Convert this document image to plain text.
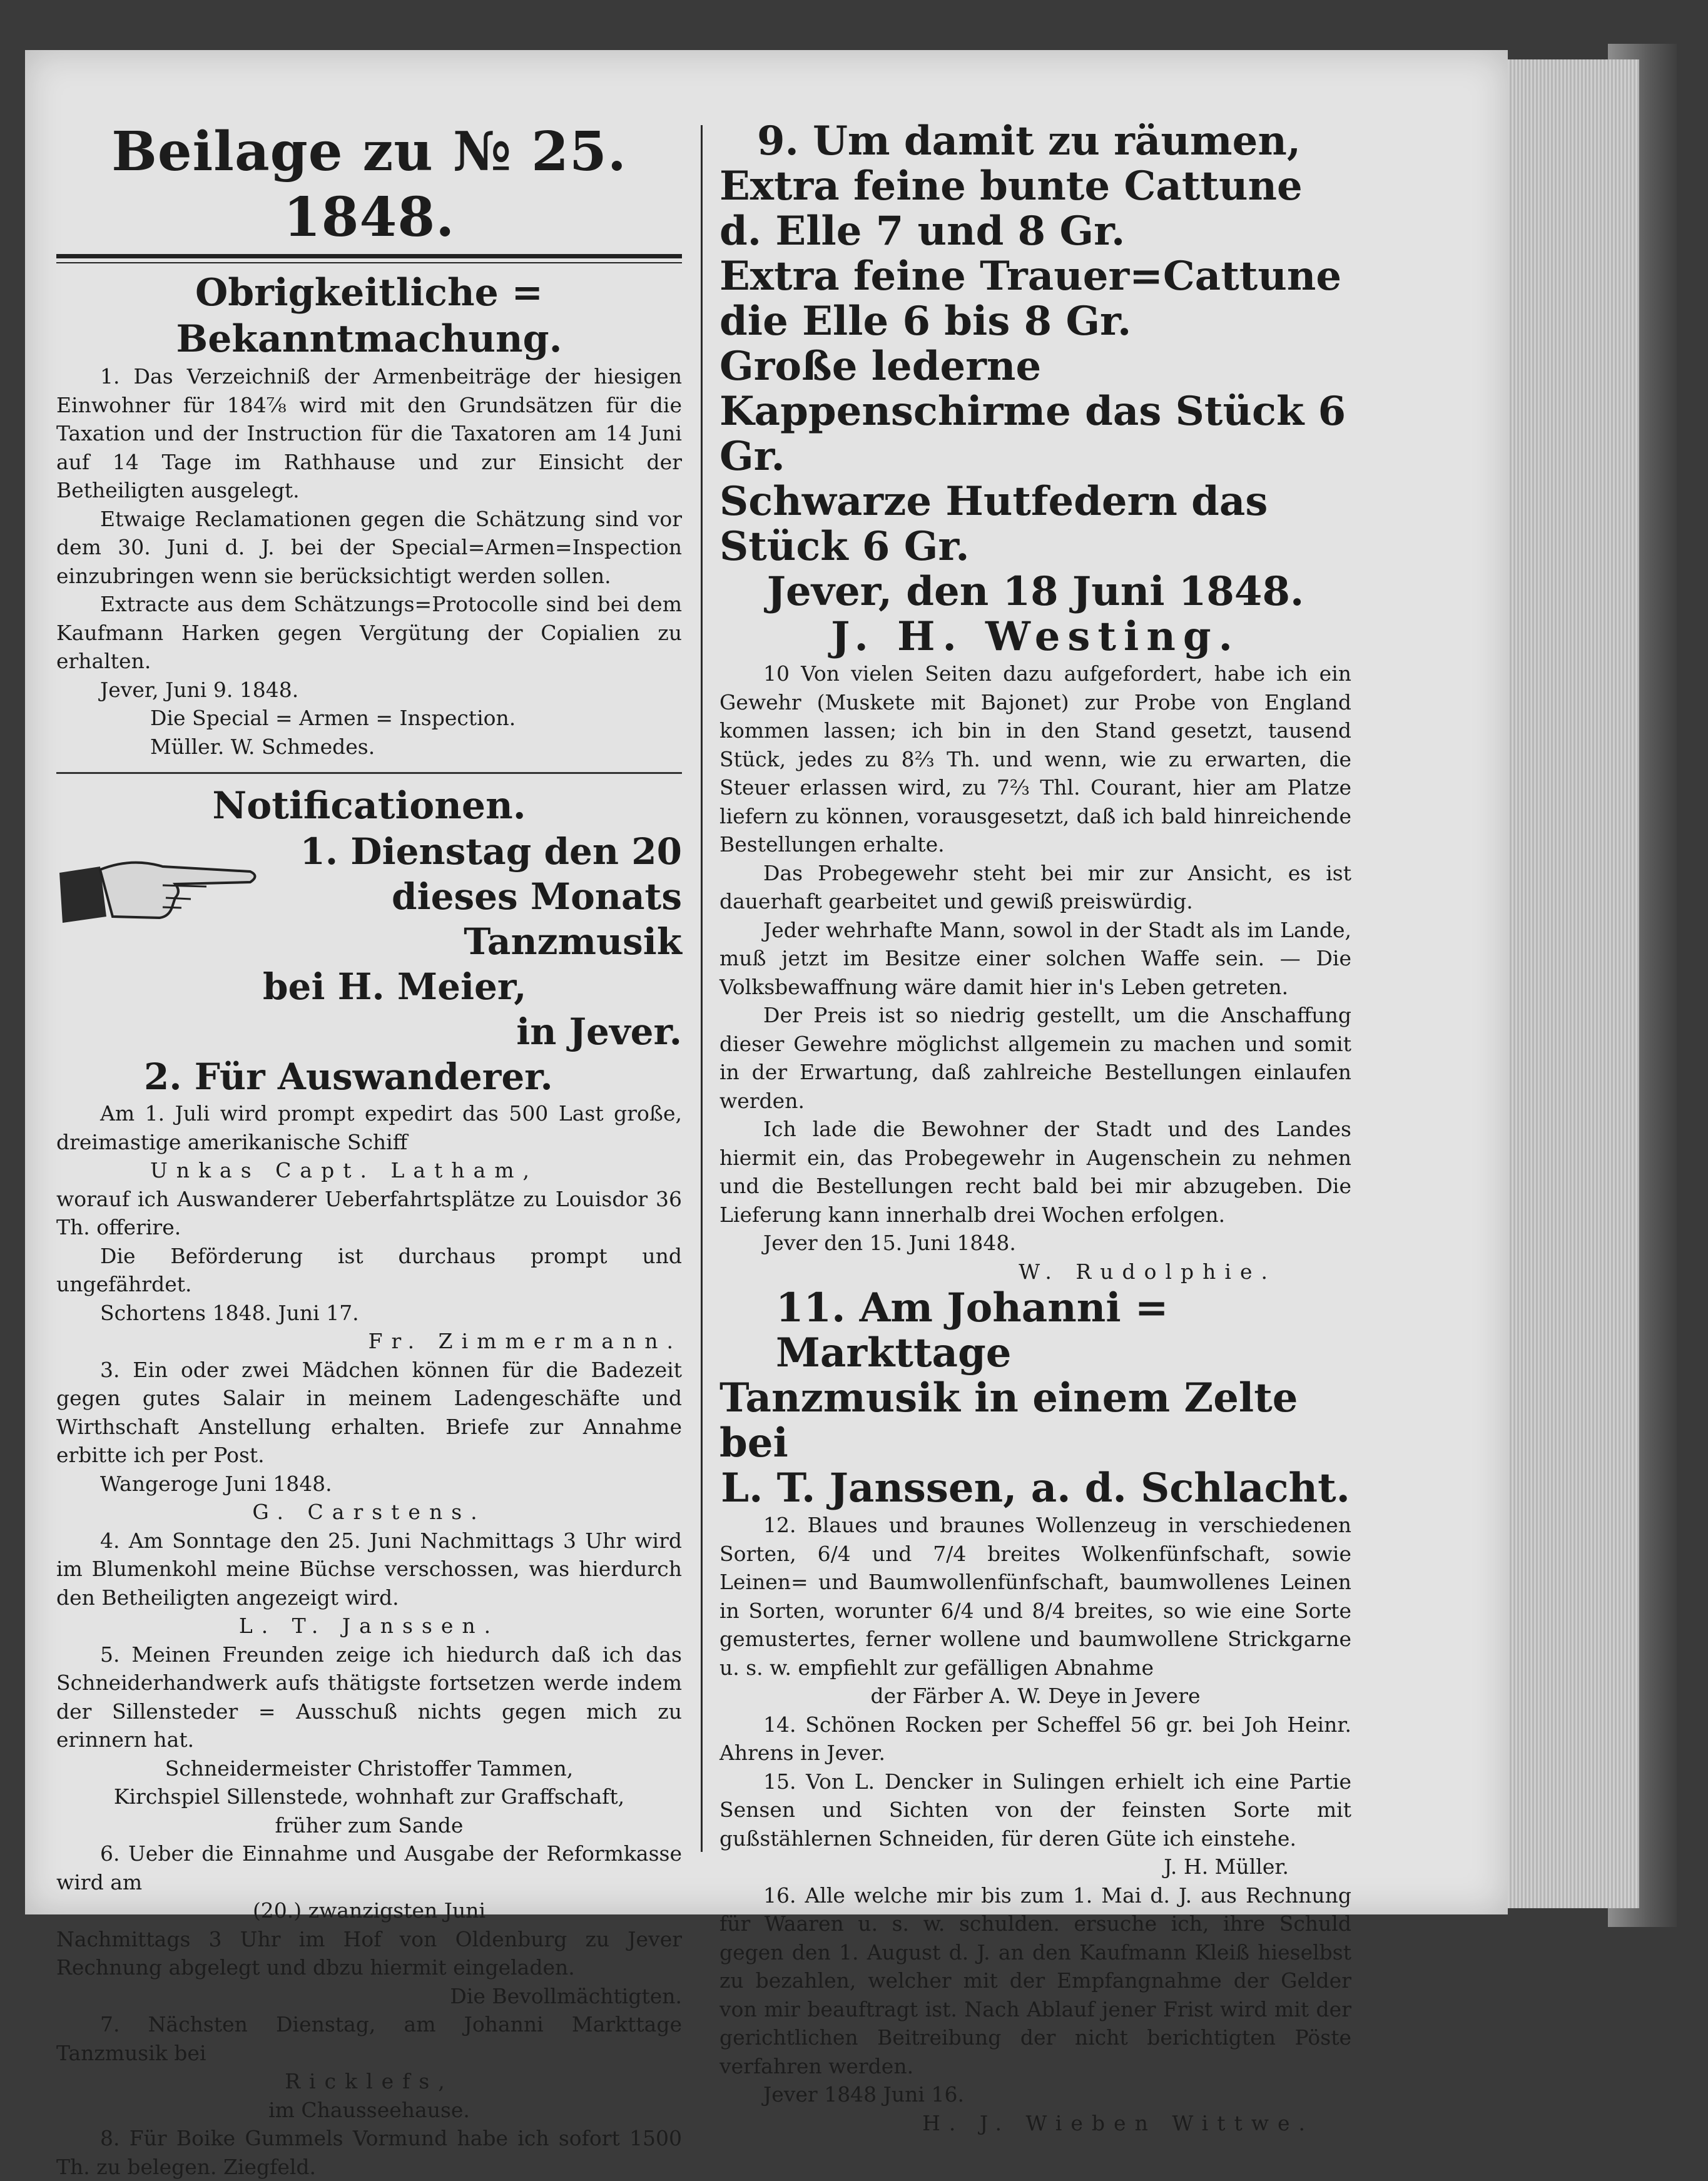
Beilage zu № 25. 1848.

Obrigkeitliche = Bekanntmachung.

1. Das Verzeichniß der Armenbeiträge der hiesigen Einwohner für 184⅞ wird mit den Grundsätzen für die Taxation und der Instruction für die Taxatoren am 14 Juni auf 14 Tage im Rathhause und zur Einsicht der Betheiligten ausgelegt.

Etwaige Reclamationen gegen die Schätzung sind vor dem 30. Juni d. J. bei der Special=Armen=Inspection einzubringen wenn sie berücksichtigt werden sollen.

Extracte aus dem Schätzungs=Protocolle sind bei dem Kaufmann Harken gegen Vergütung der Copialien zu erhalten.

Jever, Juni 9. 1848.

Die Special = Armen = Inspection.

Müller. W. Schmedes.

Notificationen.

1. Dienstag den 20

dieses Monats Tanzmusik

bei H. Meier,

in Jever.

2. Für Auswanderer.

Am 1. Juli wird prompt expedirt das 500 Last große, dreimastige amerikanische Schiff

Unkas Capt. Latham,

worauf ich Auswanderer Ueberfahrtsplätze zu Louisdor 36 Th. offerire.

Die Beförderung ist durchaus prompt und ungefährdet.

Schortens 1848. Juni 17.

Fr. Zimmermann.

3. Ein oder zwei Mädchen können für die Badezeit gegen gutes Salair in meinem Ladengeschäfte und Wirthschaft Anstellung erhalten. Briefe zur Annahme erbitte ich per Post.

Wangeroge Juni 1848.

G. Carstens.

4. Am Sonntage den 25. Juni Nachmittags 3 Uhr wird im Blumenkohl meine Büchse verschossen, was hierdurch den Betheiligten angezeigt wird.

L. T. Janssen.

5. Meinen Freunden zeige ich hiedurch daß ich das Schneiderhandwerk aufs thätigste fortsetzen werde indem der Sillensteder = Ausschuß nichts gegen mich zu erinnern hat.

Schneidermeister Christoffer Tammen,

Kirchspiel Sillenstede, wohnhaft zur Graffschaft,

früher zum Sande

6. Ueber die Einnahme und Ausgabe der Reformkasse wird am

(20.) zwanzigsten Juni

Nachmittags 3 Uhr im Hof von Oldenburg zu Jever Rechnung abgelegt und dbzu hiermit eingeladen.

Die Bevollmächtigten.

7. Nächsten Dienstag, am Johanni Markttage Tanzmusik bei

Ricklefs,

im Chausseehause.

8. Für Boike Gummels Vormund habe ich sofort 1500 Th. zu belegen. Ziegfeld.

9. Um damit zu räumen,

Extra feine bunte Cattune d. Elle 7 und 8 Gr.

Extra feine Trauer=Cattune die Elle 6 bis 8 Gr.

Große lederne Kappenschirme das Stück 6 Gr.

Schwarze Hutfedern das Stück 6 Gr.

Jever, den 18 Juni 1848.

J. H. Westing.

10 Von vielen Seiten dazu aufgefordert, habe ich ein Gewehr (Muskete mit Bajonet) zur Probe von England kommen lassen; ich bin in den Stand gesetzt, tausend Stück, jedes zu 8⅔ Th. und wenn, wie zu erwarten, die Steuer erlassen wird, zu 7⅔ Thl. Courant, hier am Platze liefern zu können, vorausgesetzt, daß ich bald hinreichende Bestellungen erhalte.

Das Probegewehr steht bei mir zur Ansicht, es ist dauerhaft gearbeitet und gewiß preiswürdig.

Jeder wehrhafte Mann, sowol in der Stadt als im Lande, muß jetzt im Besitze einer solchen Waffe sein. — Die Volksbewaffnung wäre damit hier in's Leben getreten.

Der Preis ist so niedrig gestellt, um die Anschaffung dieser Gewehre möglichst allgemein zu machen und somit in der Erwartung, daß zahlreiche Bestellungen einlaufen werden.

Ich lade die Bewohner der Stadt und des Landes hiermit ein, das Probegewehr in Augenschein zu nehmen und die Bestellungen recht bald bei mir abzugeben. Die Lieferung kann innerhalb drei Wochen erfolgen.

Jever den 15. Juni 1848.

W. Rudolphie.

11. Am Johanni = Markttage

Tanzmusik in einem Zelte bei

L. T. Janssen, a. d. Schlacht.

12. Blaues und braunes Wollenzeug in verschiedenen Sorten, 6/4 und 7/4 breites Wolkenfünfschaft, sowie Leinen= und Baumwollenfünfschaft, baumwollenes Leinen in Sorten, worunter 6/4 und 8/4 breites, so wie eine Sorte gemustertes, ferner wollene und baumwollene Strickgarne u. s. w. empfiehlt zur gefälligen Abnahme

der Färber A. W. Deye in Jevere

14. Schönen Rocken per Scheffel 56 gr. bei Joh Heinr. Ahrens in Jever.

15. Von L. Dencker in Sulingen erhielt ich eine Partie Sensen und Sichten von der feinsten Sorte mit gußstählernen Schneiden, für deren Güte ich einstehe.

J. H. Müller.

16. Alle welche mir bis zum 1. Mai d. J. aus Rechnung für Waaren u. s. w. schulden. ersuche ich, ihre Schuld gegen den 1. August d. J. an den Kaufmann Kleiß hieselbst zu bezahlen, welcher mit der Empfangnahme der Gelder von mir beauftragt ist. Nach Ablauf jener Frist wird mit der gerichtlichen Beitreibung der nicht berichtigten Pöste verfahren werden.

Jever 1848 Juni 16.

H. J. Wieben Wittwe.
